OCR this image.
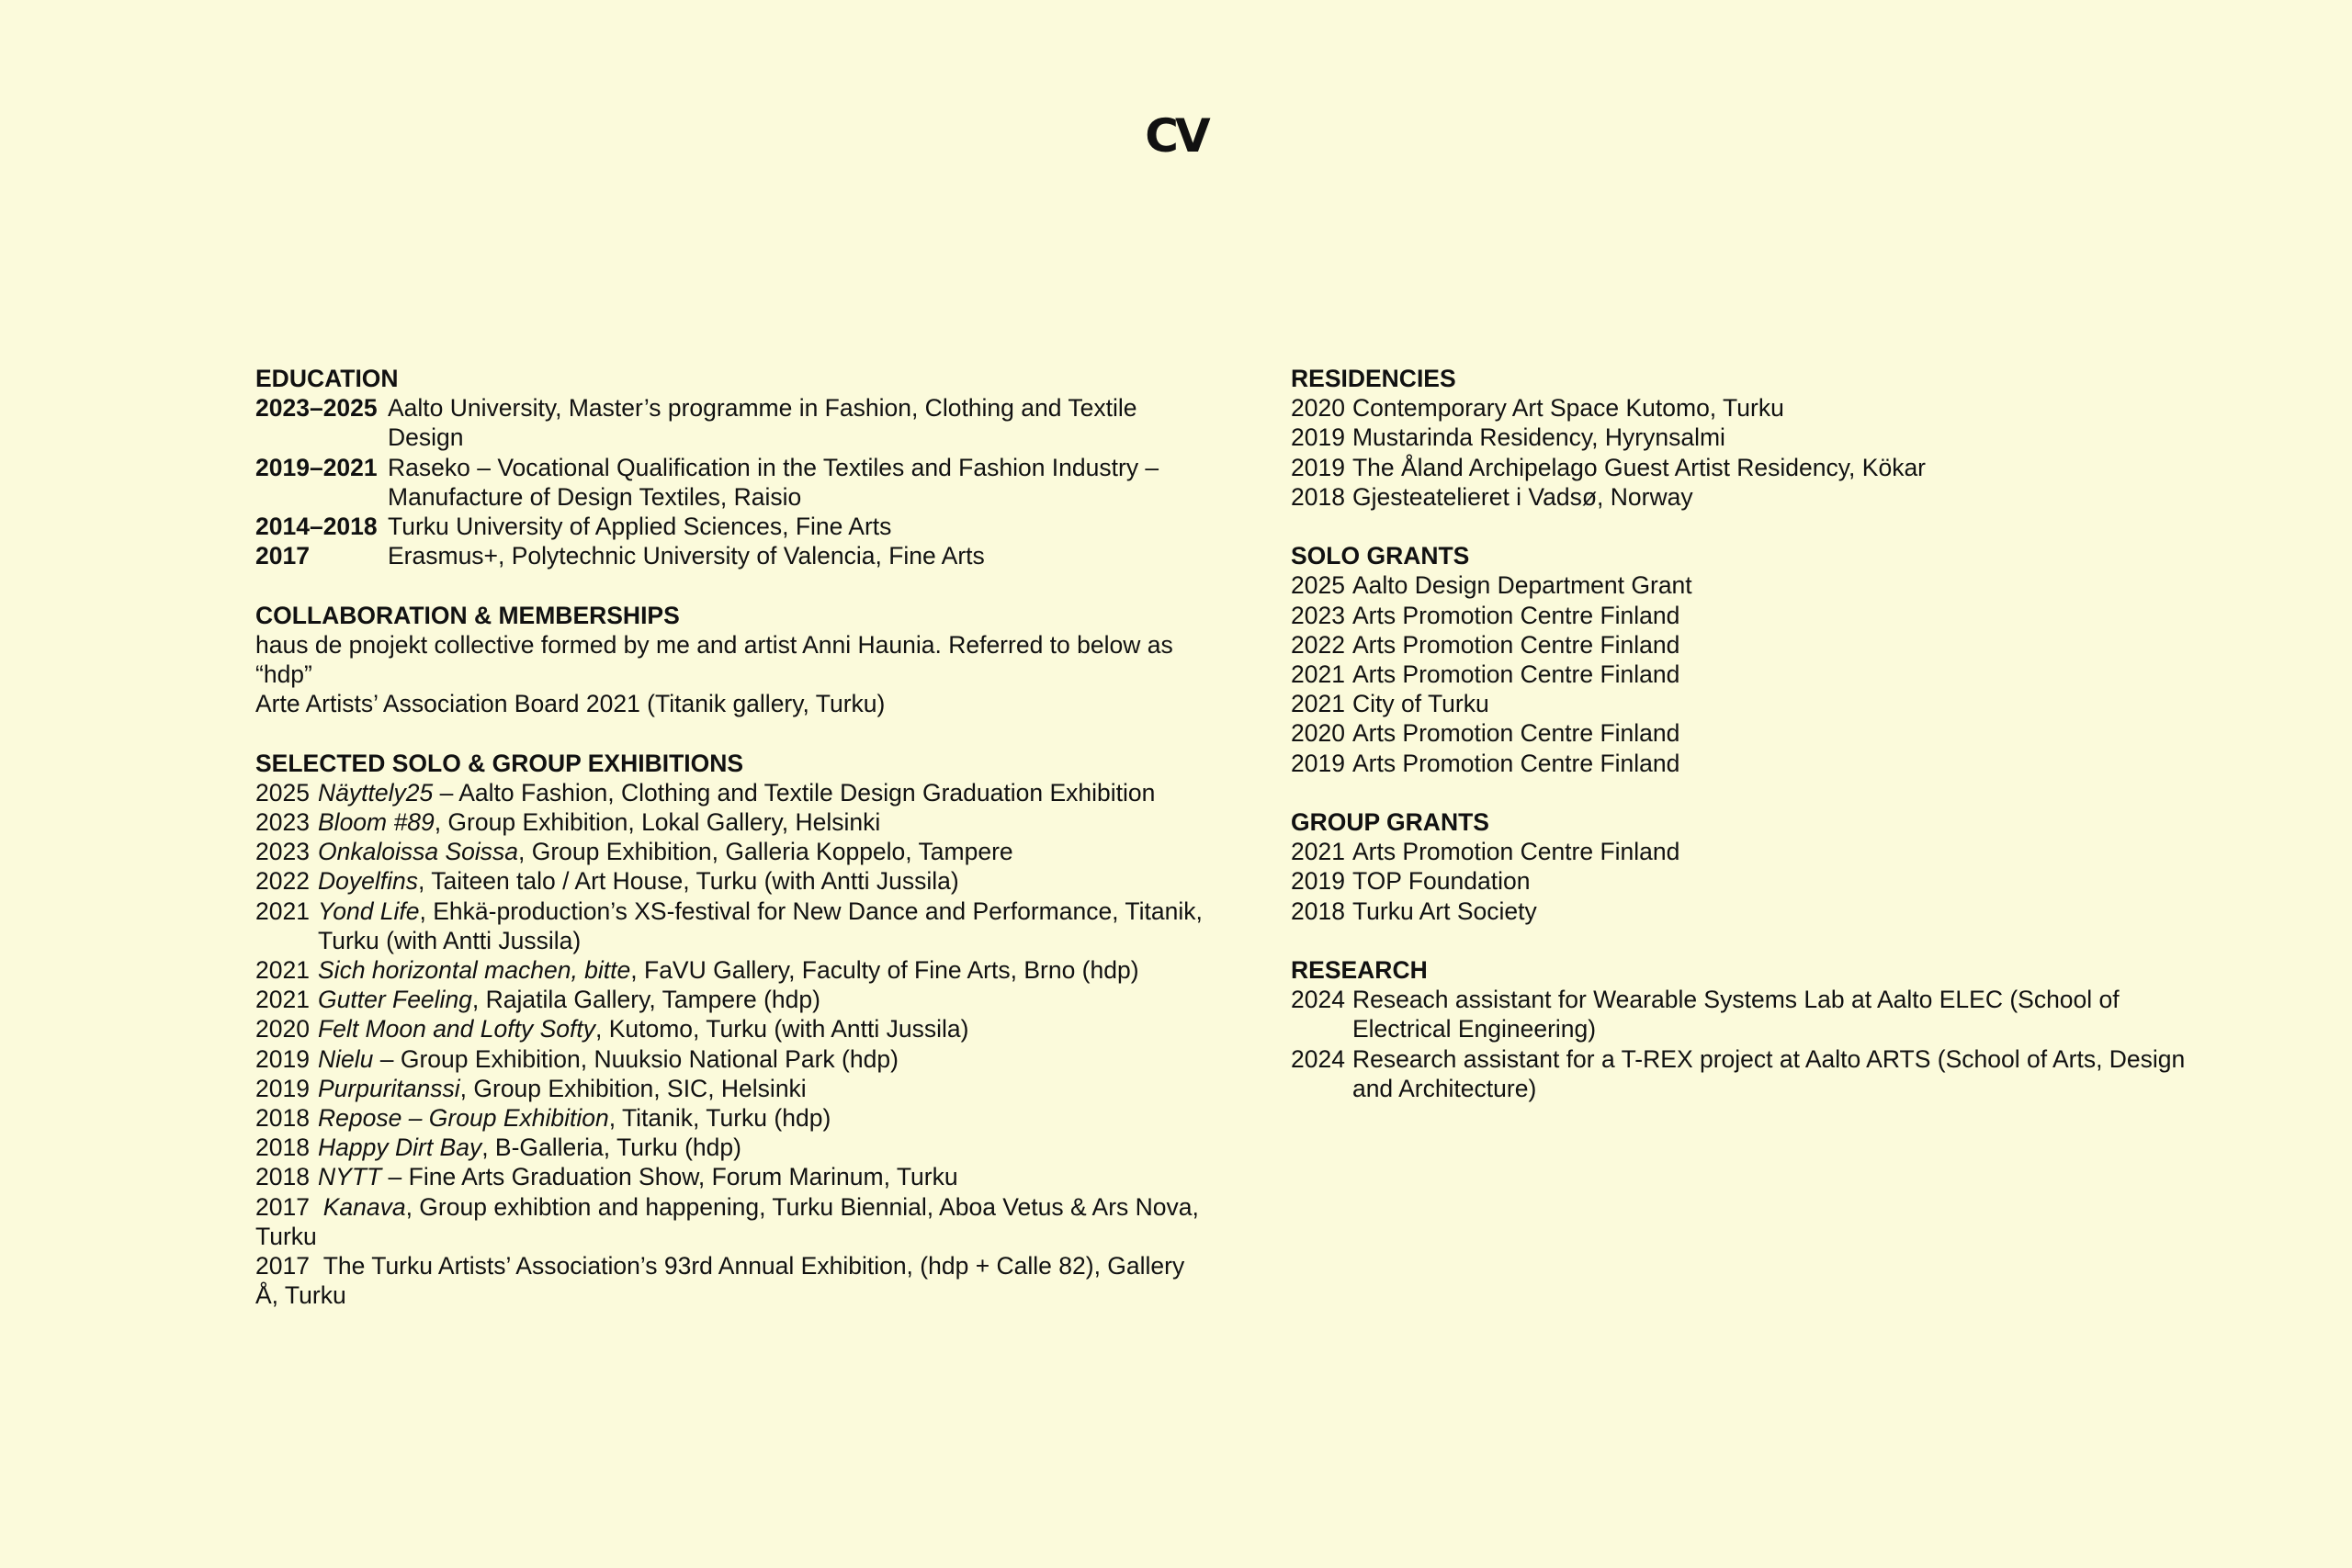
CV
EDUCATION
2023–2025 Aalto University, Master’s programme in Fashion, Clothing and Textile Design
2019–2021 Raseko – Vocational Qualification in the Textiles and Fashion Industry – Manufacture of Design Textiles, Raisio
2014–2018 Turku University of Applied Sciences, Fine Arts
2017	Erasmus+, Polytechnic University of Valencia, Fine Arts
COLLABORATION & MEMBERSHIPS
haus de pnojekt collective formed by me and artist Anni Haunia. Referred to below as “hdp”
Arte Artists’ Association Board 2021 (Titanik gallery, Turku)
SELECTED SOLO & GROUP EXHIBITIONS
2025 Näyttely25 – Aalto Fashion, Clothing and Textile Design Graduation Exhibition
2023 Bloom #89, Group Exhibition, Lokal Gallery, Helsinki
2023 Onkaloissa Soissa, Group Exhibition, Galleria Koppelo, Tampere
2022 Doyelfins, Taiteen talo / Art House, Turku (with Antti Jussila)
2021 Yond Life, Ehkä-production’s XS-festival for New Dance and Performance, Titanik, Turku (with Antti Jussila)
2021 Sich horizontal machen, bitte, FaVU Gallery, Faculty of Fine Arts, Brno (hdp)
2021 Gutter Feeling, Rajatila Gallery, Tampere (hdp)
2020 Felt Moon and Lofty Softy, Kutomo, Turku (with Antti Jussila)
2019 Nielu – Group Exhibition, Nuuksio National Park (hdp)
2019 Purpuritanssi, Group Exhibition, SIC, Helsinki
2018 Repose – Group Exhibition, Titanik, Turku (hdp)
2018 Happy Dirt Bay, B-Galleria, Turku (hdp)
2018 NYTT – Fine Arts Graduation Show, Forum Marinum, Turku
2017 Kanava, Group exhibtion and happening, Turku Biennial, Aboa Vetus & Ars Nova, Turku
2017 The Turku Artists’ Association’s 93rd Annual Exhibition, (hdp + Calle 82), Gallery Å, Turku
RESIDENCIES
2020 Contemporary Art Space Kutomo, Turku
2019 Mustarinda Residency, Hyrynsalmi
2019 The Åland Archipelago Guest Artist Residency, Kökar
2018 Gjesteatelieret i Vadsø, Norway
SOLO GRANTS
2025 Aalto Design Department Grant
2023 Arts Promotion Centre Finland
2022 Arts Promotion Centre Finland
2021 Arts Promotion Centre Finland
2021 City of Turku
2020 Arts Promotion Centre Finland
2019 Arts Promotion Centre Finland
GROUP GRANTS
2021 Arts Promotion Centre Finland
2019 TOP Foundation
2018 Turku Art Society
RESEARCH
2024 Reseach assistant for Wearable Systems Lab at Aalto ELEC (School of Electrical Engineering)
2024 Research assistant for a T-REX project at Aalto ARTS (School of Arts, Design and Architecture)
